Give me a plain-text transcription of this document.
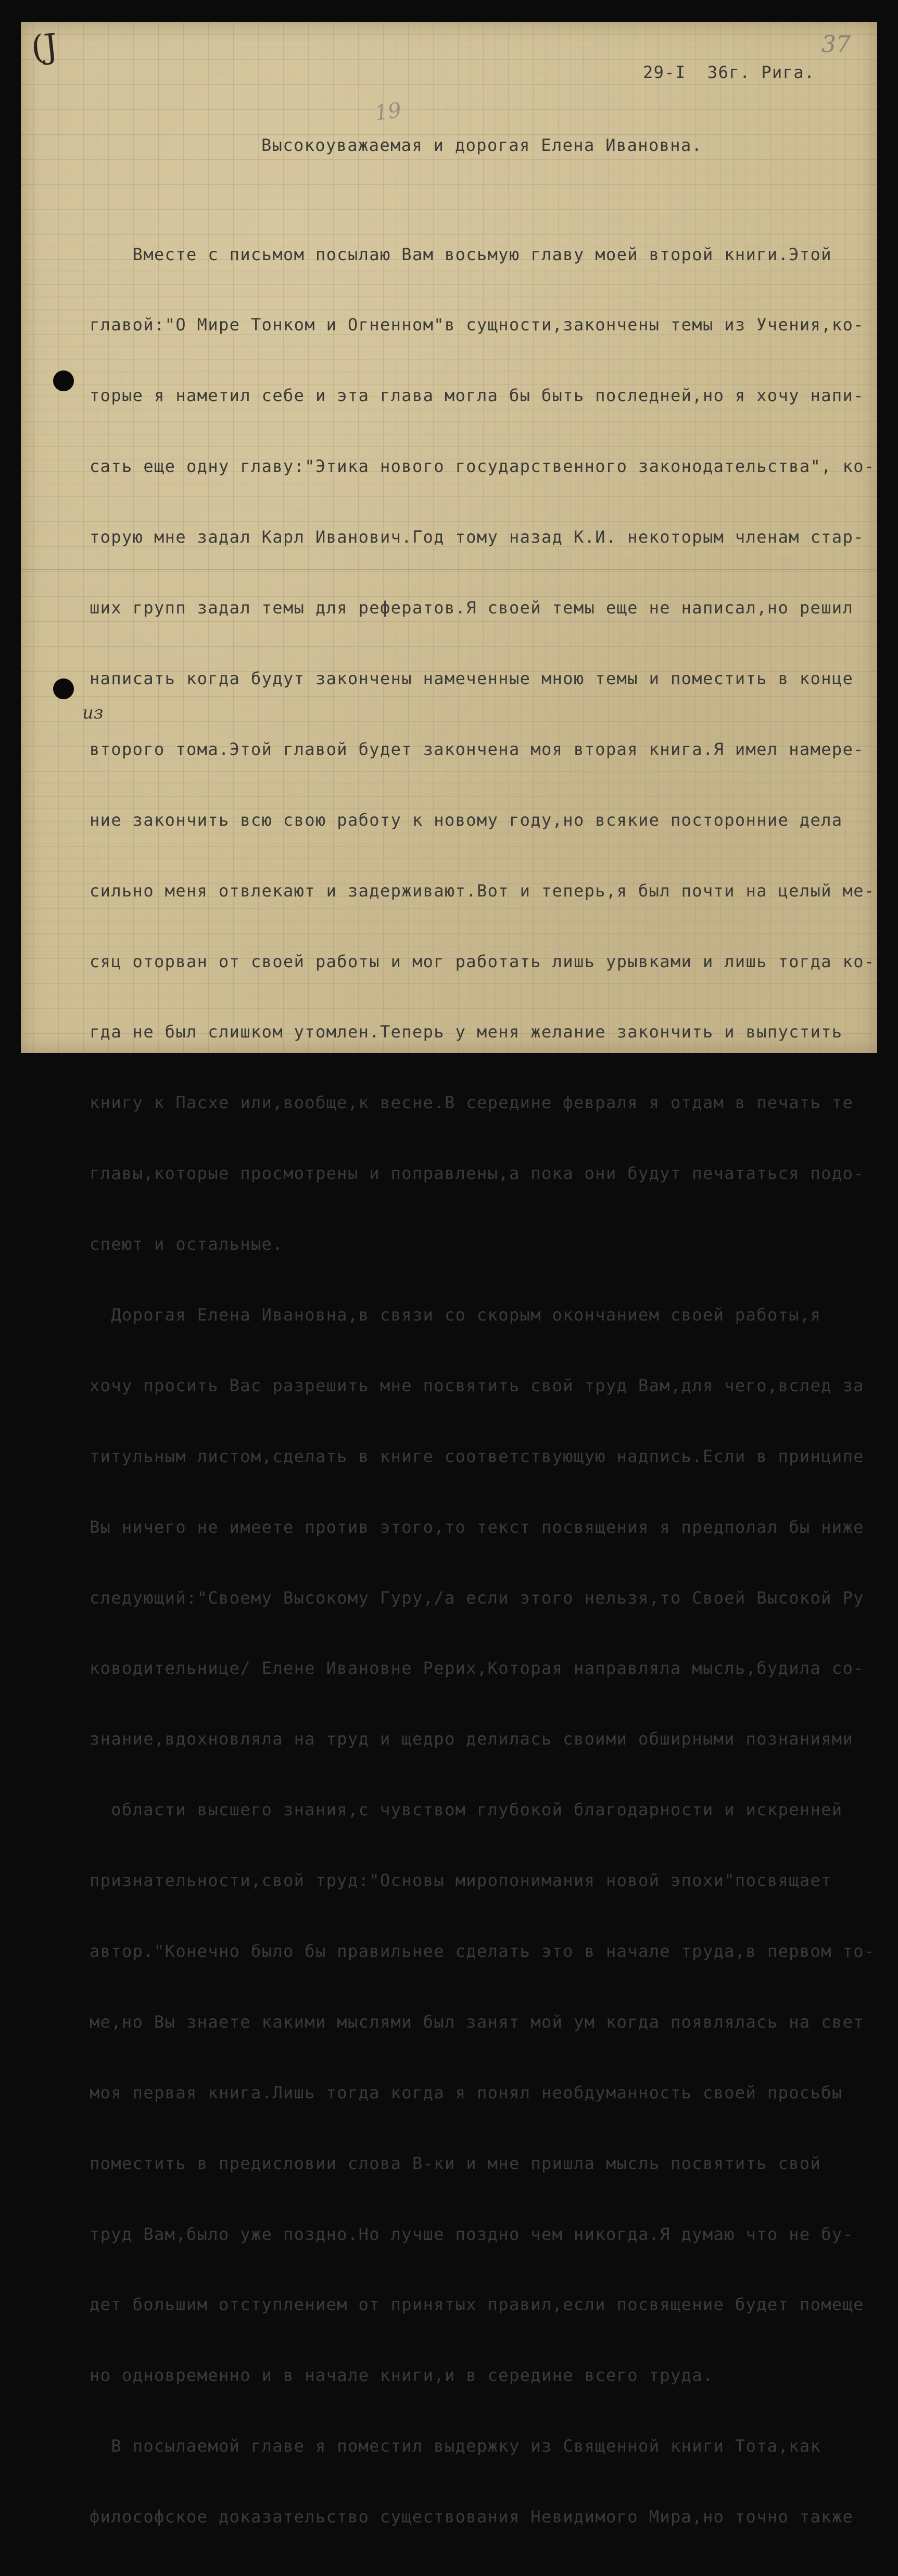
(J	37
19
из
29-I  36г. Рига.
Высокоуважаемая и дорогая Елена Ивановна.

Вместе с письмом посылаю Вам восьмую главу моей второй книги.Этой

главой:"О Мире Тонком и Огненном"в сущности,закончены темы из Учения,ко-

торые я наметил себе и эта глава могла бы быть последней,но я хочу напи-

сать еще одну главу:"Этика нового государственного законодательства", ко-

торую мне задал Карл Иванович.Год тому назад К.И. некоторым членам стар-

ших групп задал темы для рефератов.Я своей темы еще не написал,но решил

написать когда будут закончены намеченные мною темы и поместить в конце

второго тома.Этой главой будет закончена моя вторая книга.Я имел намере-

ние закончить всю свою работу к новому году,но всякие посторонние дела

сильно меня отвлекают и задерживают.Вот и теперь,я был почти на целый ме-

сяц оторван от своей работы и мог работать лишь урывками и лишь тогда ко-

гда не был слишком утомлен.Теперь у меня желание закончить и выпустить

книгу к Пасхе или,вообще,к весне.В середине февраля я отдам в печать те

главы,которые просмотрены и поправлены,а пока они будут печататься подо-

спеют и остальные.

Дорогая Елена Ивановна,в связи со скорым окончанием своей работы,я

хочу просить Вас разрешить мне посвятить свой труд Вам,для чего,вслед за

титульным листом,сделать в книге соответствующую надпись.Если в принципе

Вы ничего не имеете против этого,то текст посвящения я предполал бы ниже

следующий:"Своему Высокому Гуру,/а если этого нельзя,то Своей Высокой Ру

ководительнице/ Елене Ивановне Рерих,Которая направляла мысль,будила со-

знание,вдохновляла на труд и щедро делилась своими обширными познаниями

области высшего знания,с чувством глубокой благодарности и искренней

признательности,свой труд:"Основы миропонимания новой эпохи"посвящает

автор."Конечно было бы правильнее сделать это в начале труда,в первом то-

ме,но Вы знаете какими мыслями был занят мой ум когда появлялась на свет

моя первая книга.Лишь тогда когда я понял необдуманность своей просьбы

поместить в предисловии слова В-ки и мне пришла мысль посвятить свой

труд Вам,было уже поздно.Но лучше поздно чем никогда.Я думаю что не бу-

дет большим отступлением от принятых правил,если посвящение будет помеще

но одновременно и в начале книги,и в середине всего труда.

В посылаемой главе я поместил выдержку из Священной книги Тота,как

философское доказательство существования Невидимого Мира,но точно также
